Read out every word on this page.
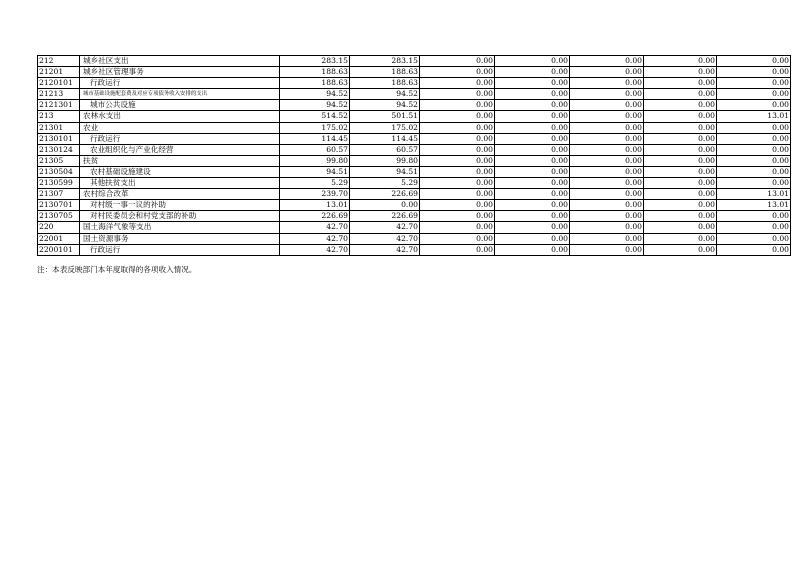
212	城乡社区支出	283.15	283.15	0.00	0.00	0.00	0.00	0.00
21201	城乡社区管理事务	188.63	188.63	0.00	0.00	0.00	0.00	0.00
2120101	行政运行	188.63	188.63	0.00	0.00	0.00	0.00	0.00
21213	城市基础设施配套费及对应专项债务收入安排的支出	94.52	94.52	0.00	0.00	0.00	0.00	0.00
2121301	城市公共设施	94.52	94.52	0.00	0.00	0.00	0.00	0.00
213	农林水支出	514.52	501.51	0.00	0.00	0.00	0.00	13.01
21301	农业	175.02	175.02	0.00	0.00	0.00	0.00	0.00
2130101	行政运行	114.45	114.45	0.00	0.00	0.00	0.00	0.00
2130124	农业组织化与产业化经营	60.57	60.57	0.00	0.00	0.00	0.00	0.00
21305	扶贫	99.80	99.80	0.00	0.00	0.00	0.00	0.00
2130504	农村基础设施建设	94.51	94.51	0.00	0.00	0.00	0.00	0.00
2130599	其他扶贫支出	5.29	5.29	0.00	0.00	0.00	0.00	0.00
21307	农村综合改革	239.70	226.69	0.00	0.00	0.00	0.00	13.01
2130701	对村级一事一议的补助	13.01	0.00	0.00	0.00	0.00	0.00	13.01
2130705	对村民委员会和村党支部的补助	226.69	226.69	0.00	0.00	0.00	0.00	0.00
220	国土海洋气象等支出	42.70	42.70	0.00	0.00	0.00	0.00	0.00
22001	国土资源事务	42.70	42.70	0.00	0.00	0.00	0.00	0.00
2200101	行政运行	42.70	42.70	0.00	0.00	0.00	0.00	0.00
注：本表反映部门本年度取得的各项收入情况。
